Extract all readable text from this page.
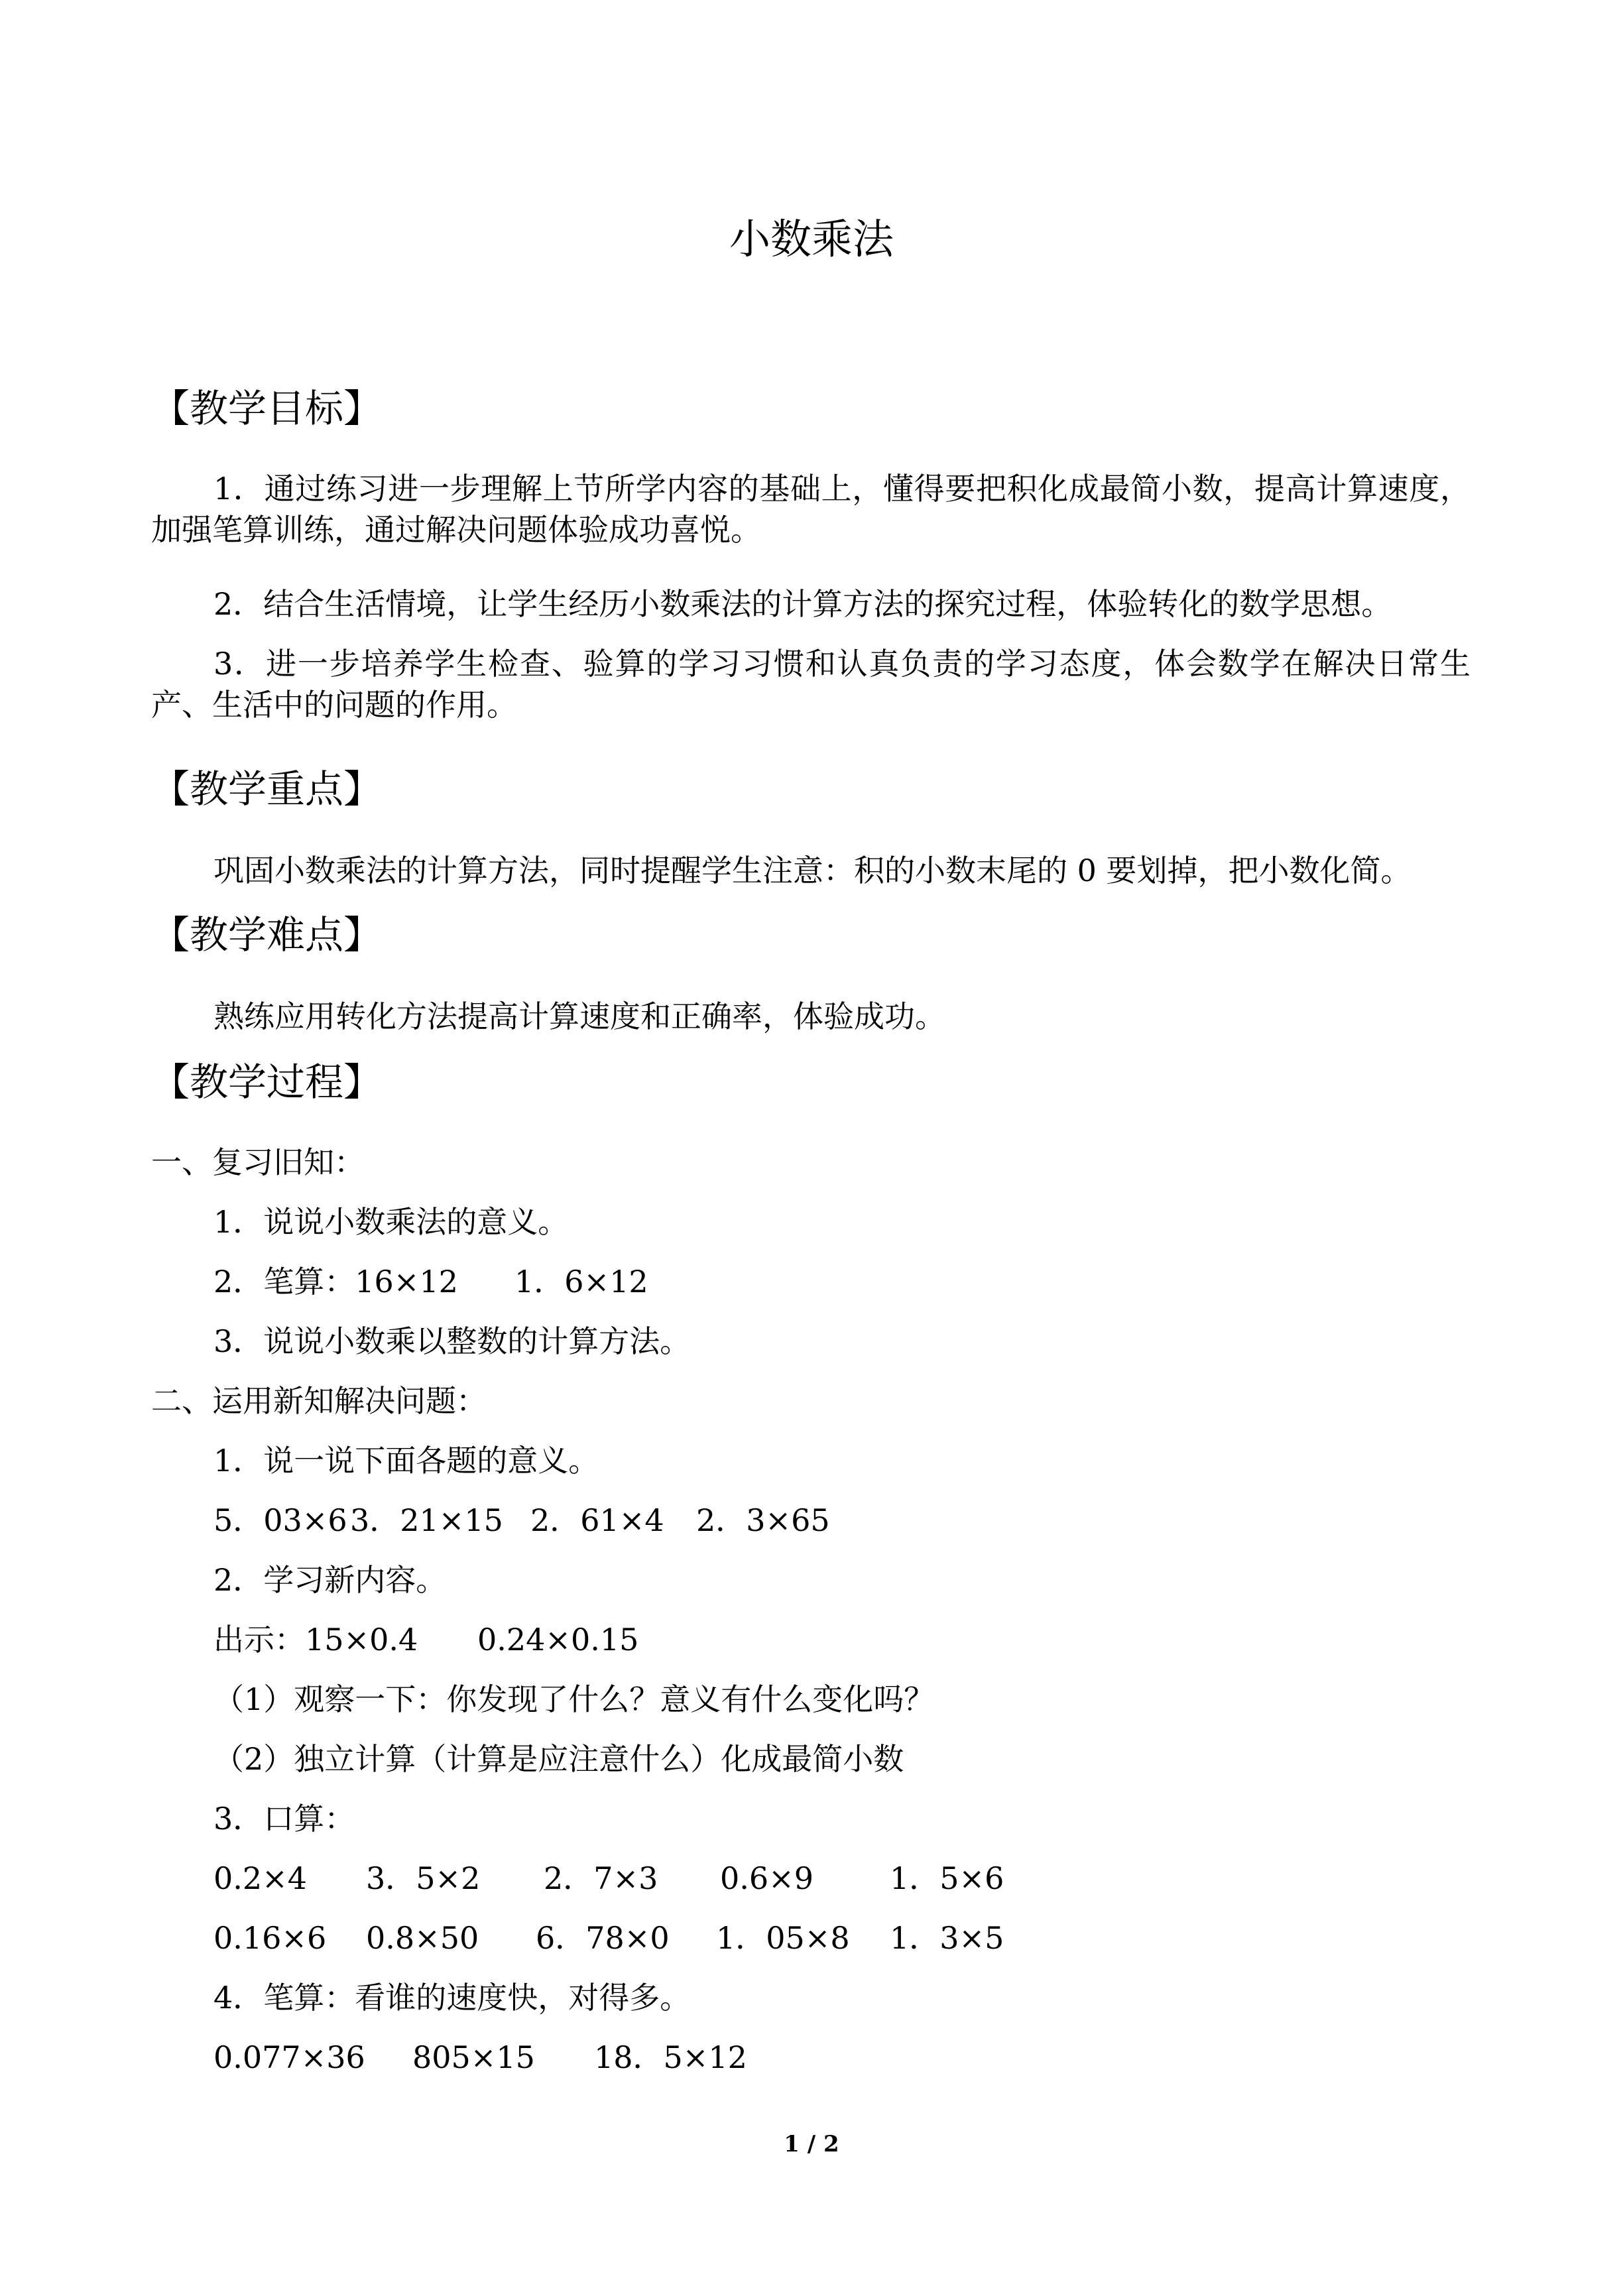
小数乘法
【教学目标】

1．通过练习进一步理解上节所学内容的基础上，懂得要把积化成最简小数，提高计算速度，加强笔算训练，通过解决问题体验成功喜悦。

2．结合生活情境，让学生经历小数乘法的计算方法的探究过程，体验转化的数学思想。

3．进一步培养学生检查、验算的学习习惯和认真负责的学习态度，体会数学在解决日常生产、生活中的问题的作用。

【教学重点】
巩固小数乘法的计算方法，同时提醒学生注意：积的小数末尾的 0 要划掉，把小数化简。
【教学难点】
熟练应用转化方法提高计算速度和正确率，体验成功。
【教学过程】
一、复习旧知：
1．说说小数乘法的意义。
2．笔算：16×12 1．6×12
3．说说小数乘以整数的计算方法。
二、运用新知解决问题：
1．说一说下面各题的意义。
5．03×6 3．21×15 2．61×4 2．3×65
2．学习新内容。
出示：15×0.4 0.24×0.15
（1）观察一下：你发现了什么？意义有什么变化吗？
（2）独立计算（计算是应注意什么）化成最简小数
3．口算：
0.2×4 3．5×2 2．7×3 0.6×9	1．5×6
0.16×6 0.8×50 6．78×0 1．05×8 1．3×5
4．笔算：看谁的速度快，对得多。
0.077×36 805×15 18．5×12
1 / 2
